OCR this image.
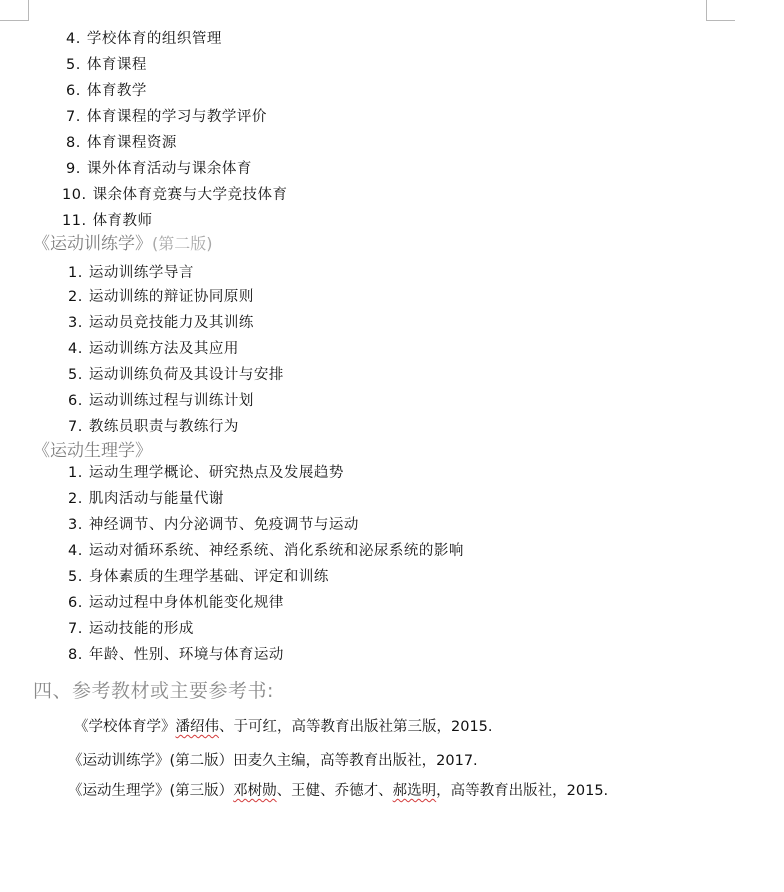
4. 学校体育的组织管理
5. 体育课程
6. 体育教学
7. 体育课程的学习与教学评价
8. 体育课程资源
9. 课外体育活动与课余体育
10. 课余体育竞赛与大学竞技体育
11. 体育教师
《运动训练学》(第二版)
1. 运动训练学导言
2. 运动训练的辩证协同原则
3. 运动员竞技能力及其训练
4. 运动训练方法及其应用
5. 运动训练负荷及其设计与安排
6. 运动训练过程与训练计划
7. 教练员职责与教练行为
《运动生理学》
1. 运动生理学概论、研究热点及发展趋势
2. 肌肉活动与能量代谢
3. 神经调节、内分泌调节、免疫调节与运动
4. 运动对循环系统、神经系统、消化系统和泌尿系统的影响
5. 身体素质的生理学基础、评定和训练
6. 运动过程中身体机能变化规律
7. 运动技能的形成
8. 年龄、性别、环境与体育运动
四、参考教材或主要参考书:
《学校体育学》潘绍伟、于可红，高等教育出版社第三版，2015.
《运动训练学》(第二版）田麦久主编，高等教育出版社，2017.
《运动生理学》(第三版）邓树勋、王健、乔德才、郝选明，高等教育出版社，2015.
